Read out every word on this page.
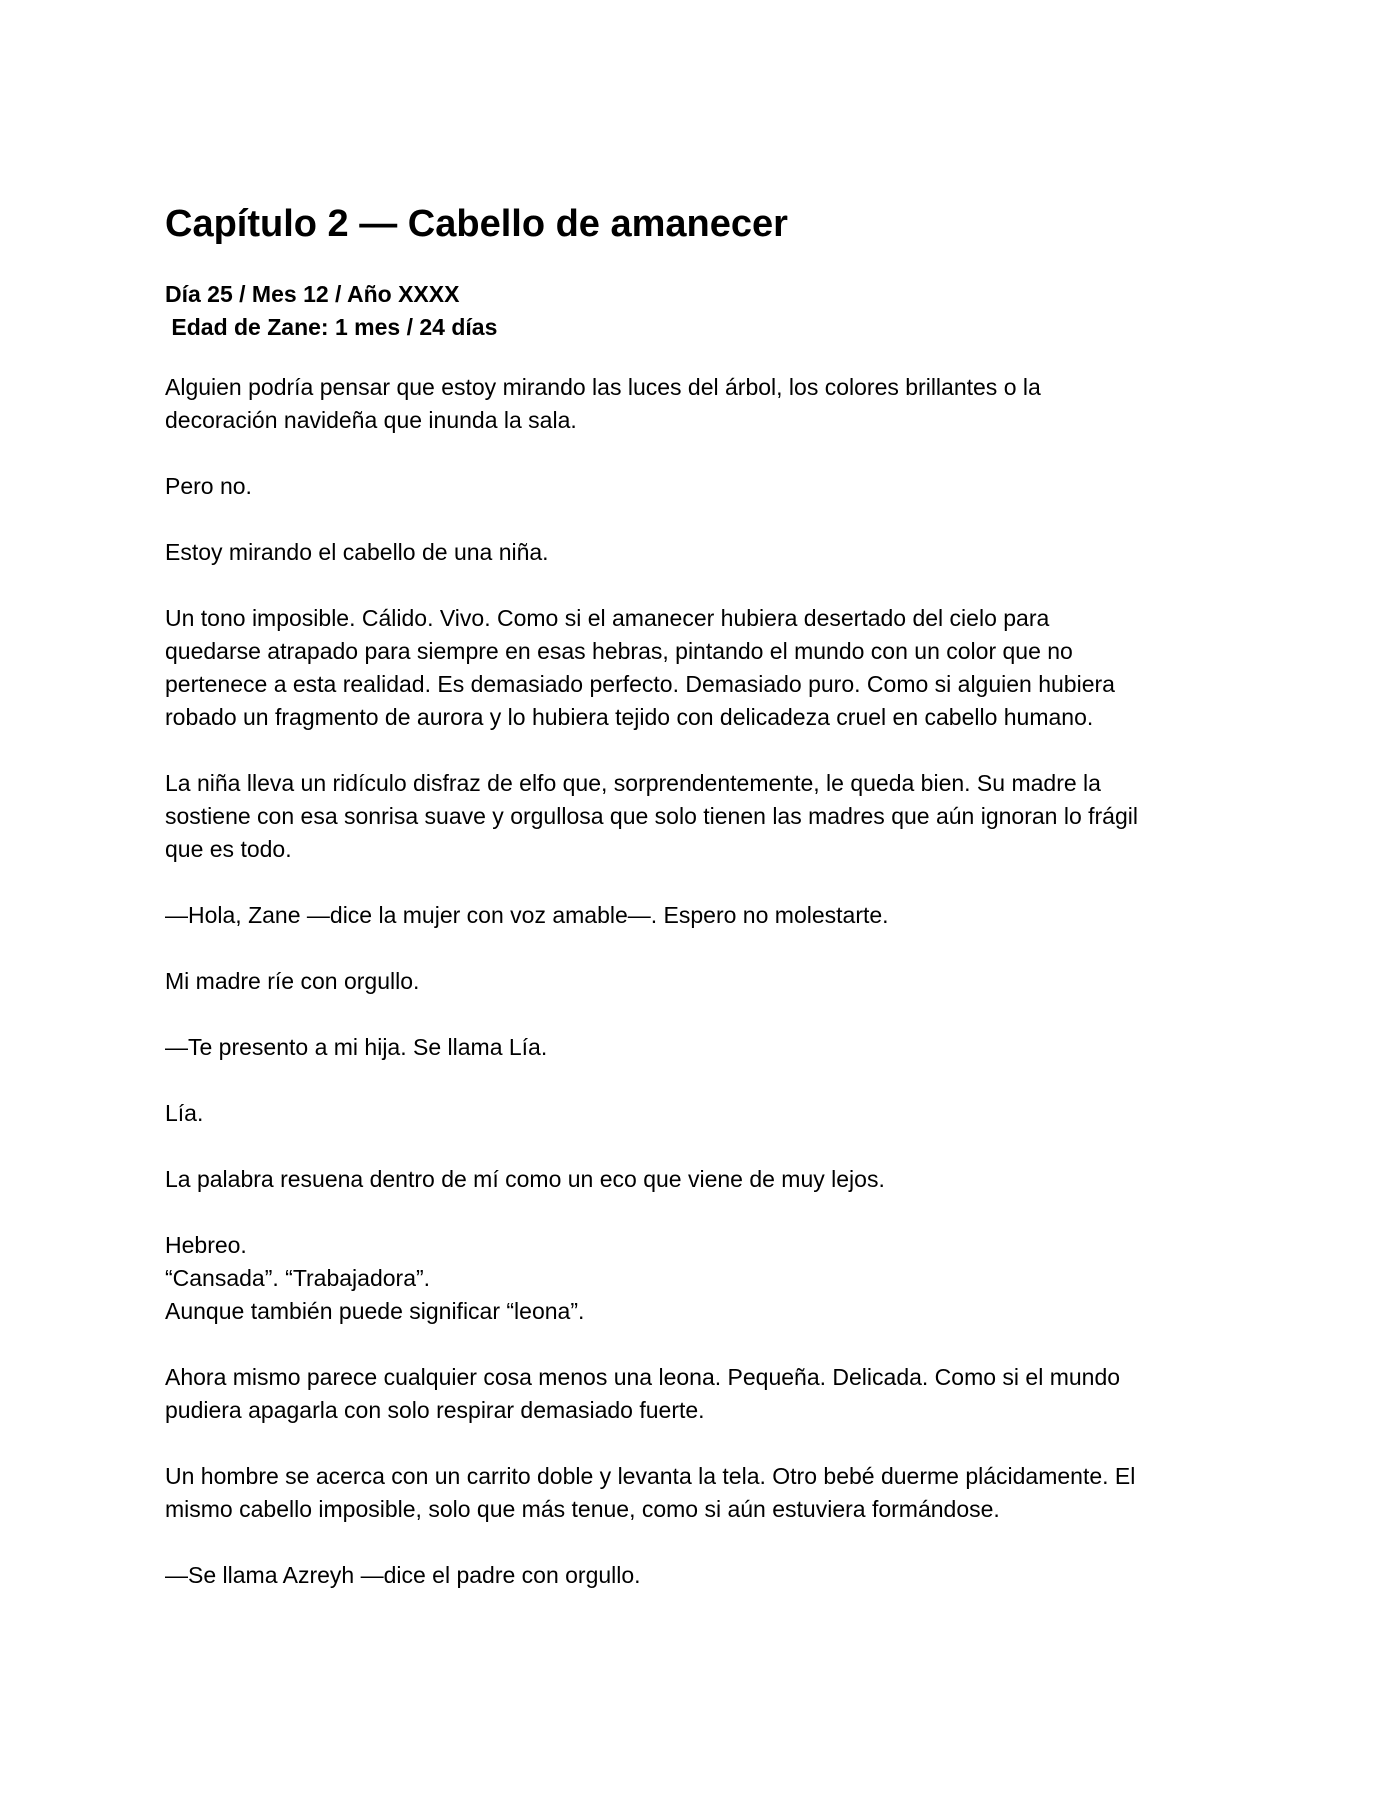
Capítulo 2 — Cabello de amanecer

Día 25 / Mes 12 / Año XXXX

Edad de Zane: 1 mes / 24 días

Alguien podría pensar que estoy mirando las luces del árbol, los colores brillantes o la
decoración navideña que inunda la sala.

Pero no.

Estoy mirando el cabello de una niña.

Un tono imposible. Cálido. Vivo. Como si el amanecer hubiera desertado del cielo para
quedarse atrapado para siempre en esas hebras, pintando el mundo con un color que no
pertenece a esta realidad. Es demasiado perfecto. Demasiado puro. Como si alguien hubiera
robado un fragmento de aurora y lo hubiera tejido con delicadeza cruel en cabello humano.

La niña lleva un ridículo disfraz de elfo que, sorprendentemente, le queda bien. Su madre la
sostiene con esa sonrisa suave y orgullosa que solo tienen las madres que aún ignoran lo frágil
que es todo.

—Hola, Zane —dice la mujer con voz amable—. Espero no molestarte.

Mi madre ríe con orgullo.

—Te presento a mi hija. Se llama Lía.

Lía.

La palabra resuena dentro de mí como un eco que viene de muy lejos.

Hebreo.
“Cansada”. “Trabajadora”.
Aunque también puede significar “leona”.

Ahora mismo parece cualquier cosa menos una leona. Pequeña. Delicada. Como si el mundo
pudiera apagarla con solo respirar demasiado fuerte.

Un hombre se acerca con un carrito doble y levanta la tela. Otro bebé duerme plácidamente. El
mismo cabello imposible, solo que más tenue, como si aún estuviera formándose.

—Se llama Azreyh —dice el padre con orgullo.
